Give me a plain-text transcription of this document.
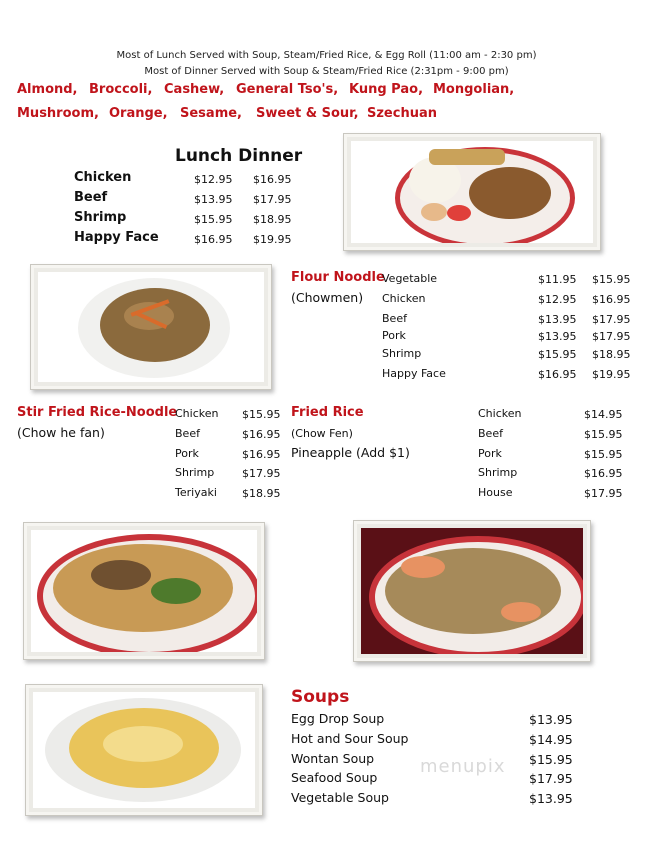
Most of Lunch Served with Soup, Steam/Fried Rice, & Egg Roll (11:00 am - 2:30 pm)
Most of Dinner Served with Soup & Steam/Fried Rice (2:31pm - 9:00 pm)
Almond, Broccoli, Cashew, General Tso's, Kung Pao, Mongolian,
Mushroom, Orange, Sesame, Sweet & Sour, Szechuan
Lunch Dinner
Chicken	$12.95 $16.95
Beef	$13.95 $17.95
Shrimp	$15.95 $18.95
Happy Face	$16.95 $19.95
Flour Noodle
(Chowmen)
Vegetable	$11.95 $15.95
Chicken	$12.95 $16.95
Beef	$13.95 $17.95
Pork	$13.95 $17.95
Shrimp	$15.95 $18.95
Happy Face	$16.95 $19.95
Stir Fried Rice-Noodle
(Chow he fan)
Chicken $15.95
Beef	$16.95
Pork	$16.95
Shrimp	$17.95
Teriyaki $18.95
Fried Rice
(Chow Fen)
Pineapple (Add $1)
Chicken	$14.95
Beef	$15.95
Pork	$15.95
Shrimp	$16.95
House	$17.95
Soups
Egg Drop Soup	$13.95
Hot and Sour Soup	$14.95
Wontan Soup	$15.95
Seafood Soup	$17.95
Vegetable Soup	$13.95
menupix
